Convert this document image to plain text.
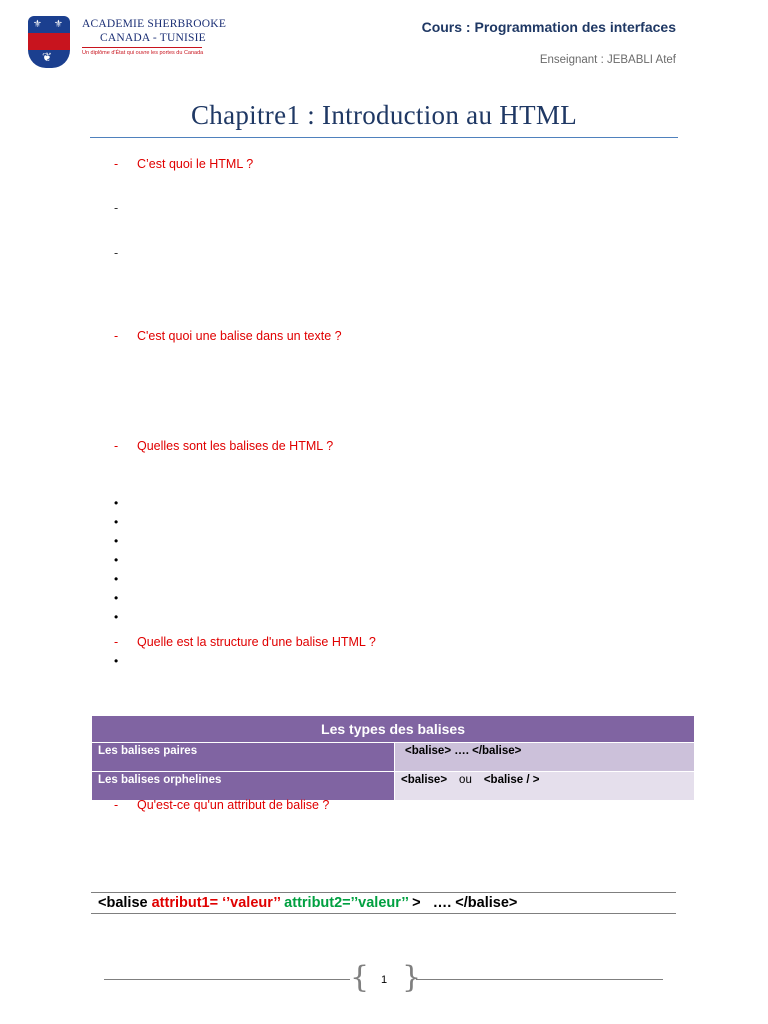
⚜ ⚜
❦
ACADEMIE SHERBROOKE
CANADA - TUNISIE
Un diplôme d'État qui ouvre les portes du Canada
Cours : Programmation des interfaces
Enseignant : JEBABLI Atef
Chapitre1 : Introduction au HTML
- C’est quoi le HTML ?
-
-
- C'est quoi une balise dans un texte ?
- Quelles sont les balises de HTML ?
•
•
•
•
•
•
•
- Quelle est la structure d'une balise HTML ?
•
Les types des balises	
Les balises paires	<balise> …. </balise>
Les balises orphelines	<balise> ou <balise / >
- Qu'est-ce qu'un attribut de balise ?
<balise attribut1= ‘’valeur’’ attribut2=’’valeur’’ >   …. </balise>
{ }
1
